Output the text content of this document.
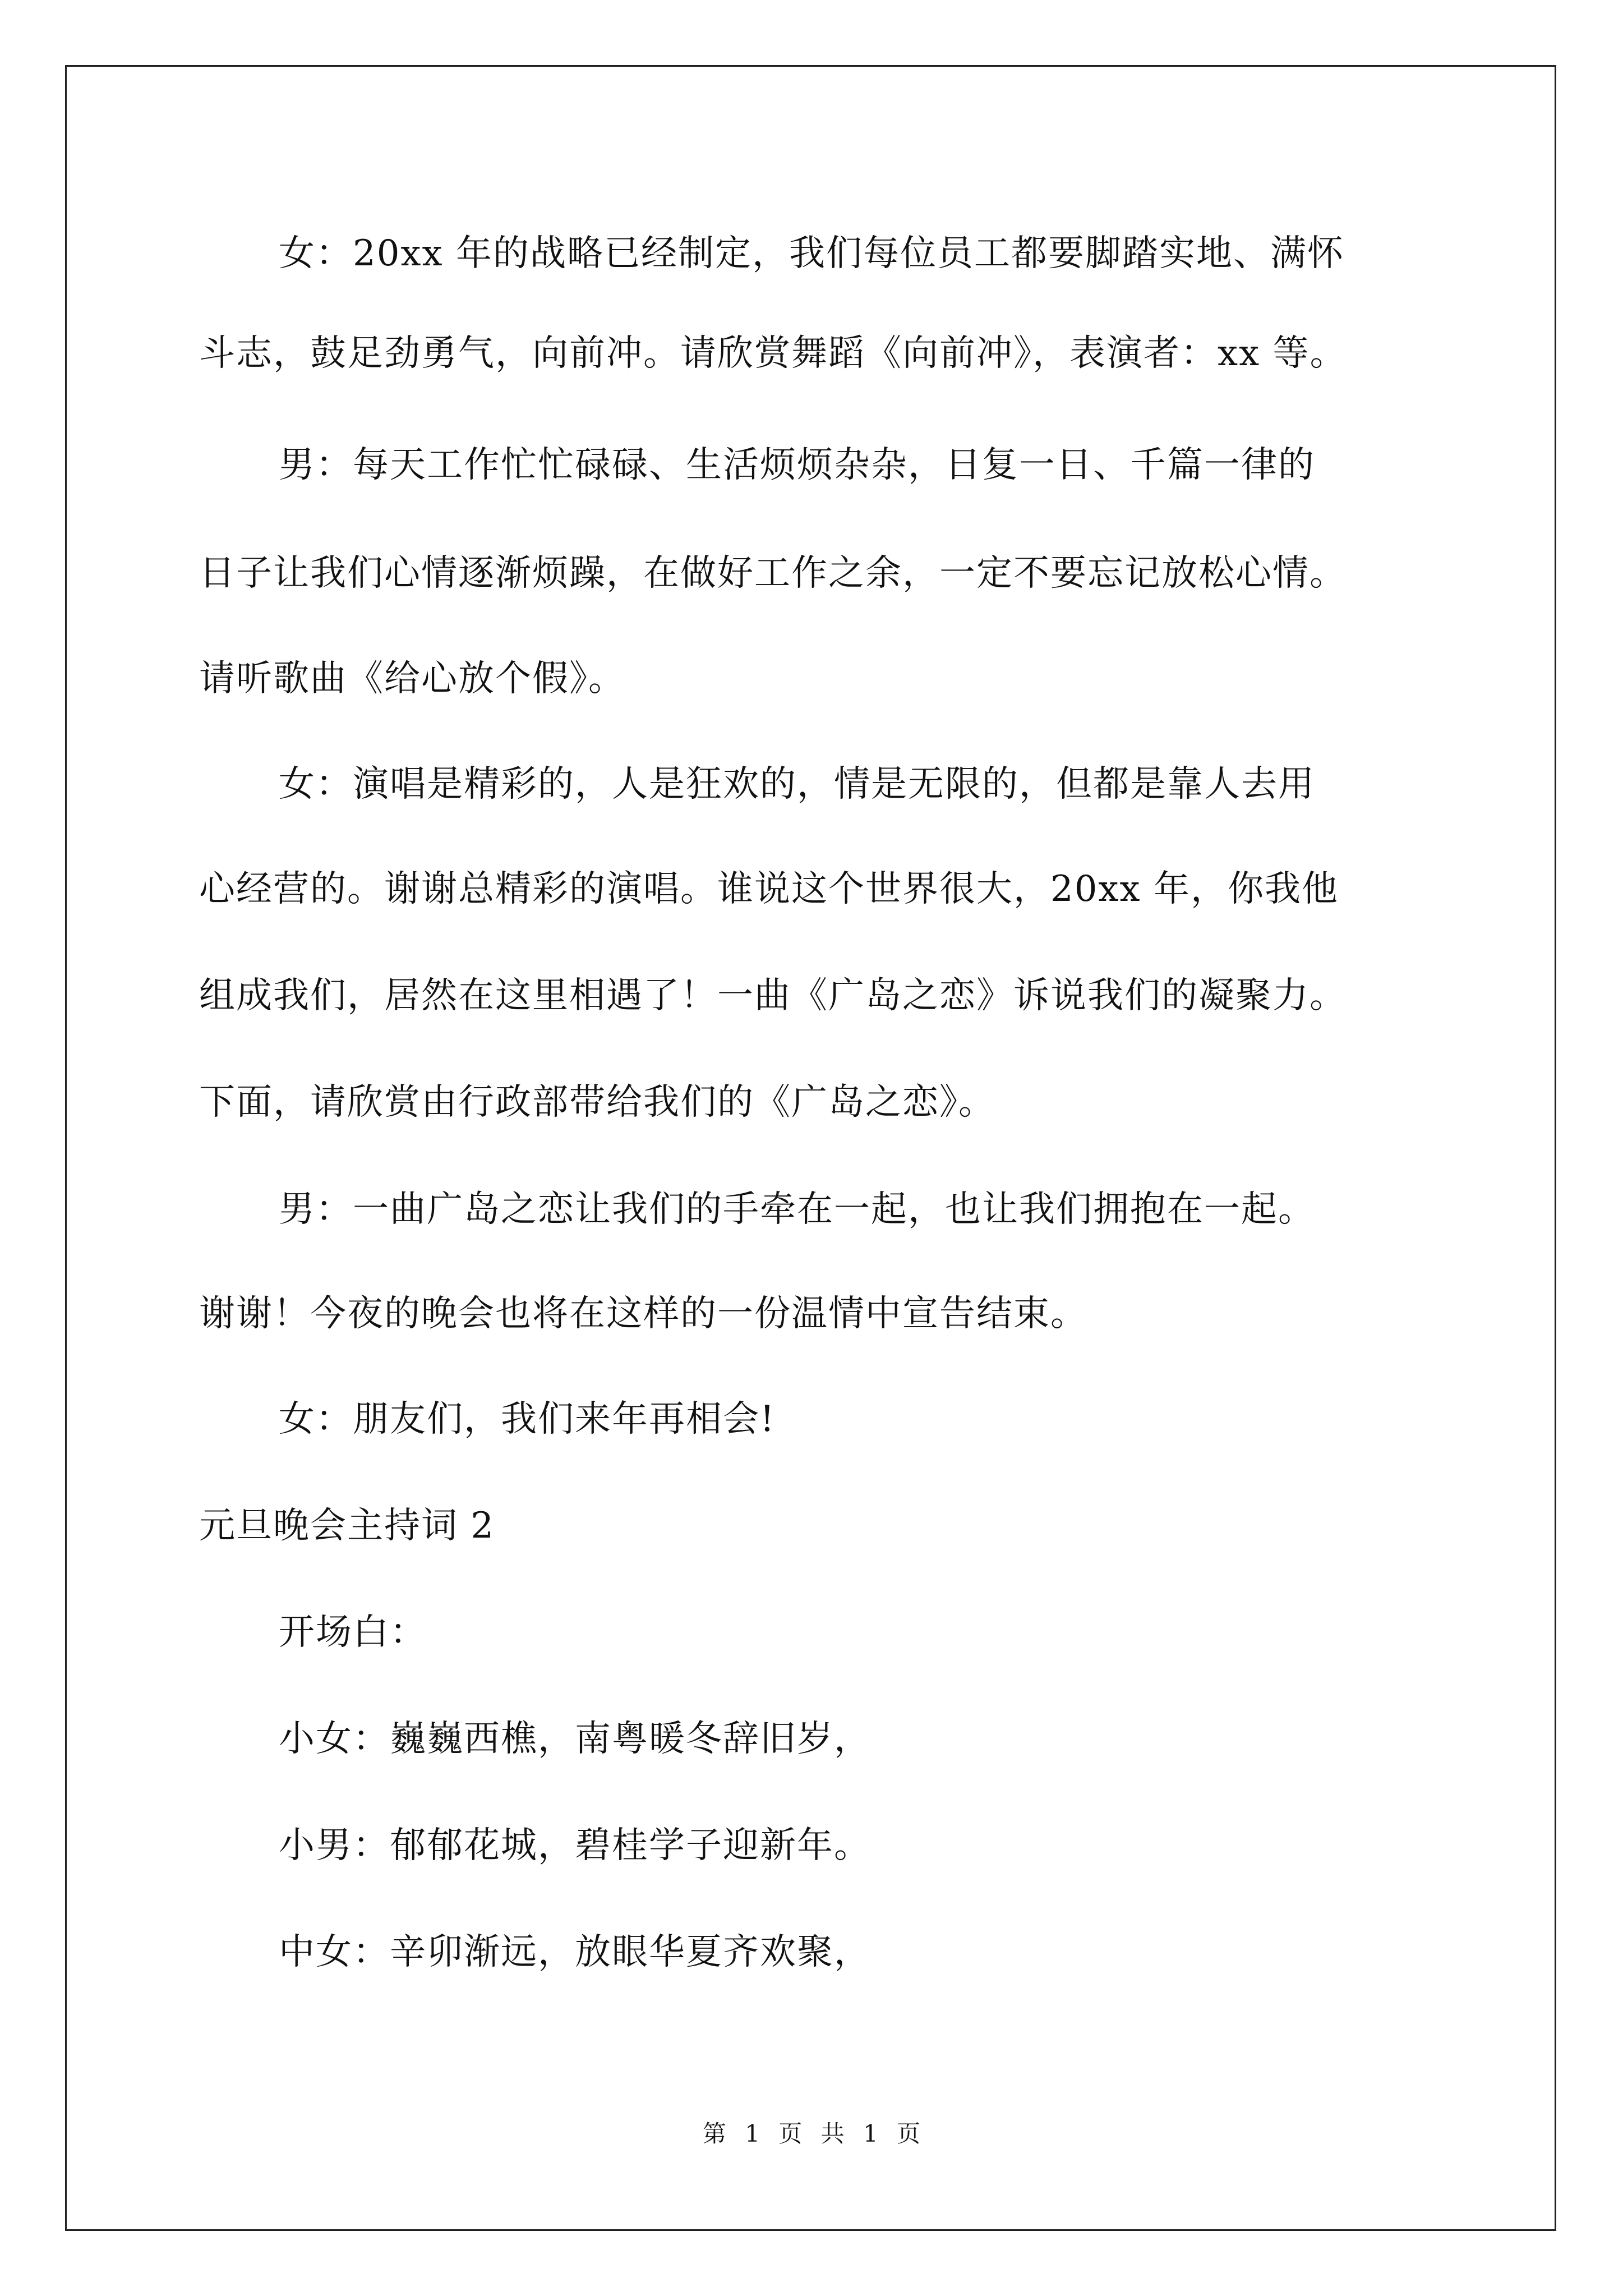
女：20xx 年的战略已经制定，我们每位员工都要脚踏实地、满怀
斗志，鼓足劲勇气，向前冲。请欣赏舞蹈《向前冲》，表演者：xx 等。
男：每天工作忙忙碌碌、生活烦烦杂杂，日复一日、千篇一律的
日子让我们心情逐渐烦躁，在做好工作之余，一定不要忘记放松心情。
请听歌曲《给心放个假》。
女：演唱是精彩的，人是狂欢的，情是无限的，但都是靠人去用
心经营的。谢谢总精彩的演唱。谁说这个世界很大，20xx 年，你我他
组成我们，居然在这里相遇了！一曲《广岛之恋》诉说我们的凝聚力。
下面，请欣赏由行政部带给我们的《广岛之恋》。
男：一曲广岛之恋让我们的手牵在一起，也让我们拥抱在一起。
谢谢！今夜的晚会也将在这样的一份温情中宣告结束。
女：朋友们，我们来年再相会!
元旦晚会主持词 2
开场白：
小女：巍巍西樵，南粤暖冬辞旧岁，
小男：郁郁花城，碧桂学子迎新年。
中女：辛卯渐远，放眼华夏齐欢聚，
第 1 页 共 1 页
